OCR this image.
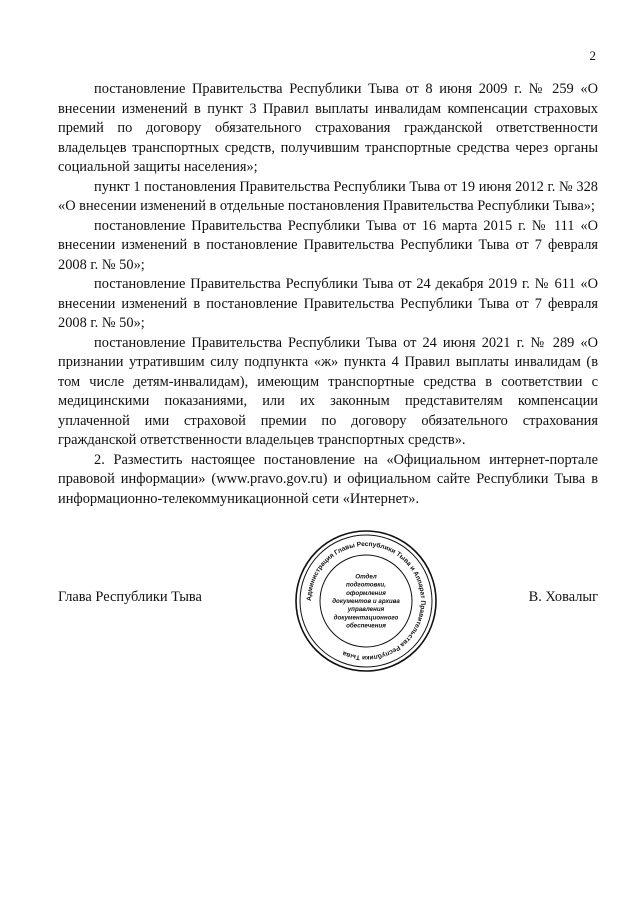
2

постановление Правительства Республики Тыва от 8 июня 2009 г. № 259 «О внесении изменений в пункт 3 Правил выплаты инвалидам компенсации страховых премий по договору обязательного страхования гражданской ответственности владельцев транспортных средств, получившим транспортные средства через органы социальной защиты населения»;

пункт 1 постановления Правительства Республики Тыва от 19 июня 2012 г. № 328 «О внесении изменений в отдельные постановления Правительства Республики Тыва»;

постановление Правительства Республики Тыва от 16 марта 2015 г. № 111 «О внесении изменений в постановление Правительства Республики Тыва от 7 февраля 2008 г. № 50»;

постановление Правительства Республики Тыва от 24 декабря 2019 г. № 611 «О внесении изменений в постановление Правительства Республики Тыва от 7 февраля 2008 г. № 50»;

постановление Правительства Республики Тыва от 24 июня 2021 г. № 289 «О признании утратившим силу подпункта «ж» пункта 4 Правил выплаты инвалидам (в том числе детям-инвалидам), имеющим транспортные средства в соответствии с медицинскими показаниями, или их законным представителям компенсации уплаченной ими страховой премии по договору обязательного страхования гражданской ответственности владельцев транспортных средств».

2. Разместить настоящее постановление на «Официальном интернет-портале правовой информации» (www.pravo.gov.ru) и официальном сайте Республики Тыва в информационно-телекоммуникационной сети «Интернет».

Глава Республики Тыва	В. Ховалыг
Администрация Главы Республики Тыва и Аппарат Правительства Республики Тыва
Отдел
подготовки,
оформления
документов и архива
управления
документационного
обеспечения
